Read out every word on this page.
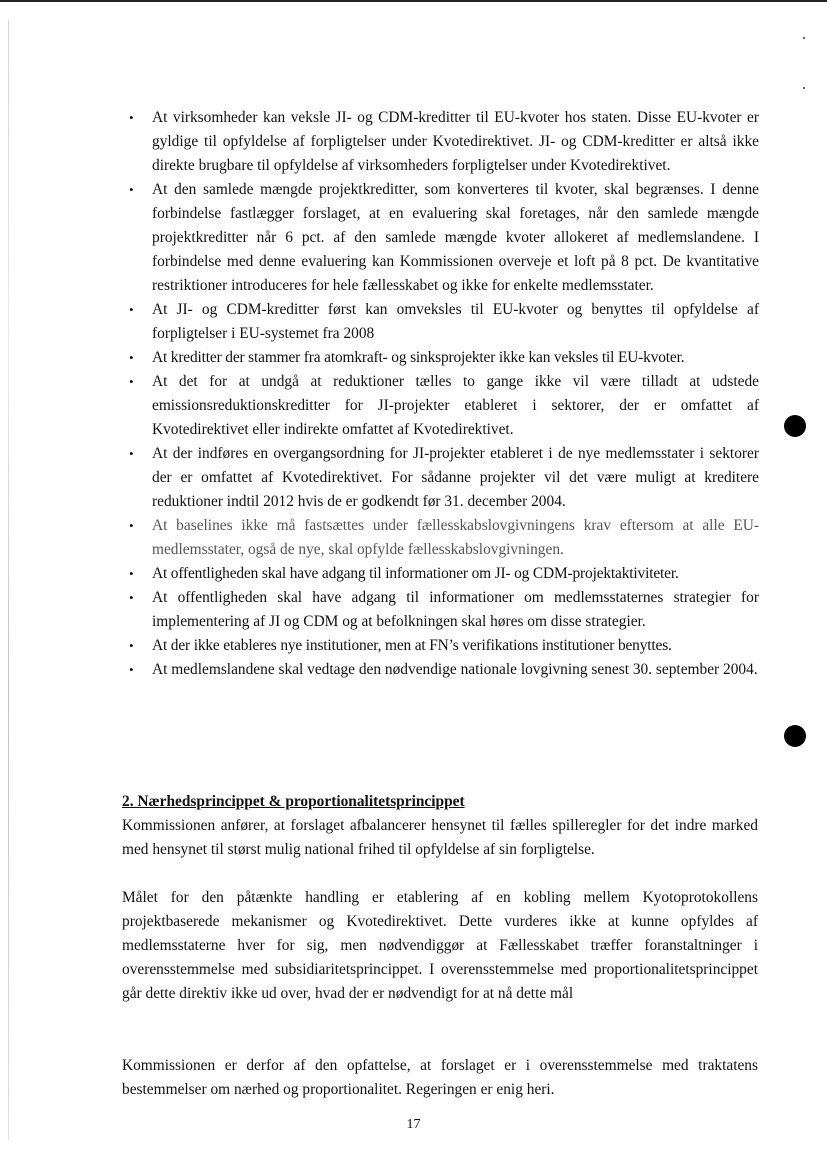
• At virksomheder kan veksle JI- og CDM-kreditter til EU-kvoter hos staten. Disse EU-kvoter er gyldige til opfyldelse af forpligtelser under Kvotedirektivet. JI- og CDM-kreditter er altså ikke direkte brugbare til opfyldelse af virksomheders forpligtelser under Kvotedirektivet.
• At den samlede mængde projektkreditter, som konverteres til kvoter, skal begrænses. I denne forbindelse fastlægger forslaget, at en evaluering skal foretages, når den samlede mængde projektkreditter når 6 pct. af den samlede mængde kvoter allokeret af medlemslandene. I forbindelse med denne evaluering kan Kommissionen overveje et loft på 8 pct. De kvantitative restriktioner introduceres for hele fællesskabet og ikke for enkelte medlemsstater.
• At JI- og CDM-kreditter først kan omveksles til EU-kvoter og benyttes til opfyldelse af forpligtelser i EU-systemet fra 2008
• At kreditter der stammer fra atomkraft- og sinksprojekter ikke kan veksles til EU-kvoter.
• At det for at undgå at reduktioner tælles to gange ikke vil være tilladt at udstede emissionsreduktionskreditter for JI-projekter etableret i sektorer, der er omfattet af Kvotedirektivet eller indirekte omfattet af Kvotedirektivet.
• At der indføres en overgangsordning for JI-projekter etableret i de nye medlemsstater i sektorer der er omfattet af Kvotedirektivet. For sådanne projekter vil det være muligt at kreditere reduktioner indtil 2012 hvis de er godkendt før 31. december 2004.
• At baselines ikke må fastsættes under fællesskabslovgivningens krav eftersom at alle EU-medlemsstater, også de nye, skal opfylde fællesskabslovgivningen.
• At offentligheden skal have adgang til informationer om JI- og CDM-projektaktiviteter.
• At offentligheden skal have adgang til informationer om medlemsstaternes strategier for implementering af JI og CDM og at befolkningen skal høres om disse strategier.
• At der ikke etableres nye institutioner, men at FN’s verifikations institutioner benyttes.
• At medlemslandene skal vedtage den nødvendige nationale lovgivning senest 30. september 2004.

2. Nærhedsprincippet & proportionalitetsprincippet
Kommissionen anfører, at forslaget afbalancerer hensynet til fælles spilleregler for det indre marked med hensynet til størst mulig national frihed til opfyldelse af sin forpligtelse.

Målet for den påtænkte handling er etablering af en kobling mellem Kyotoprotokollens projektbaserede mekanismer og Kvotedirektivet. Dette vurderes ikke at kunne opfyldes af medlemsstaterne hver for sig, men nødvendiggør at Fællesskabet træffer foranstaltninger i overensstemmelse med subsidiaritetsprincippet. I overensstemmelse med proportionalitetsprincippet går dette direktiv ikke ud over, hvad der er nødvendigt for at nå dette mål

Kommissionen er derfor af den opfattelse, at forslaget er i overensstemmelse med traktatens bestemmelser om nærhed og proportionalitet. Regeringen er enig heri.

17
